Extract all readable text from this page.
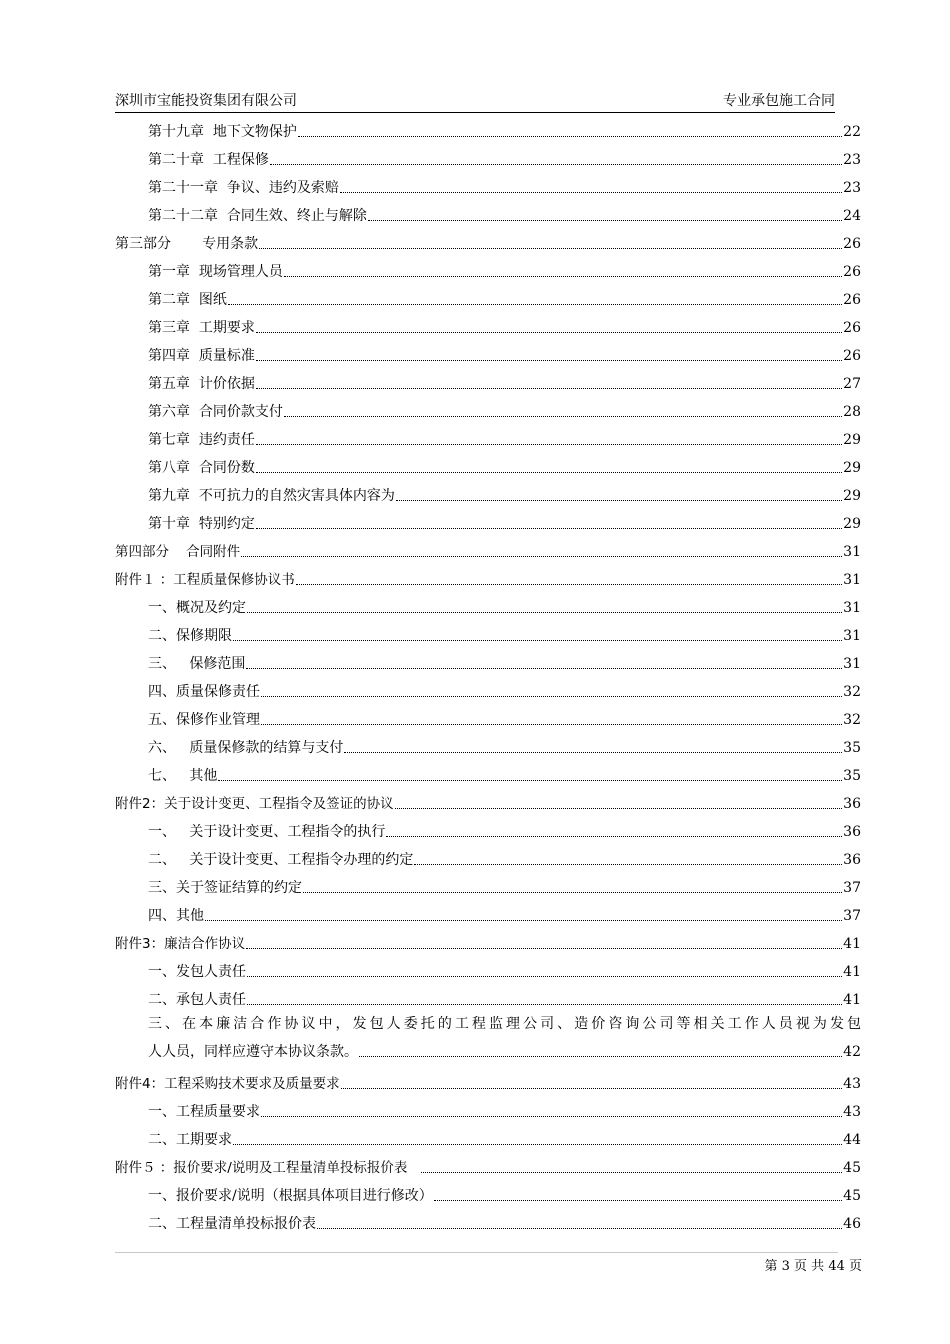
深圳市宝能投资集团有限公司	专业承包施工合同
第十九章  地下文物保护	22
第二十章  工程保修	23
第二十一章  争议、违约及索赔	23
第二十二章  合同生效、终止与解除	24
第三部分       专用条款	26
第一章  现场管理人员	26
第二章  图纸	26
第三章  工期要求	26
第四章  质量标准	26
第五章  计价依据	27
第六章  合同价款支付	28
第七章  违约责任	29
第八章  合同份数	29
第九章  不可抗力的自然灾害具体内容为	29
第十章  特别约定	29
第四部分    合同附件	31
附件１ ：工程质量保修协议书	31
一、概况及约定	31
二、保修期限	31
三、   保修范围	31
四、质量保修责任	32
五、保修作业管理	32
六、   质量保修款的结算与支付	35
七、   其他	35
附件2：关于设计变更、工程指令及签证的协议	36
一、   关于设计变更、工程指令的执行	36
二、   关于设计变更、工程指令办理的约定	36
三、关于签证结算的约定	37
四、其他	37
附件3：廉洁合作协议	41
一、发包人责任	41
二、承包人责任	41
三、在本廉洁合作协议中，发包人委托的工程监理公司、造价咨询公司等相关工作人员视为发包
人人员，同样应遵守本协议条款。	42
附件4：工程采购技术要求及质量要求	43
一、工程质量要求	43
二、工期要求	44
附件５ ：报价要求/说明及工程量清单投标报价表	45
一、报价要求/说明（根据具体项目进行修改）	45
二、工程量清单投标报价表	46
第 3 页 共 44 页
